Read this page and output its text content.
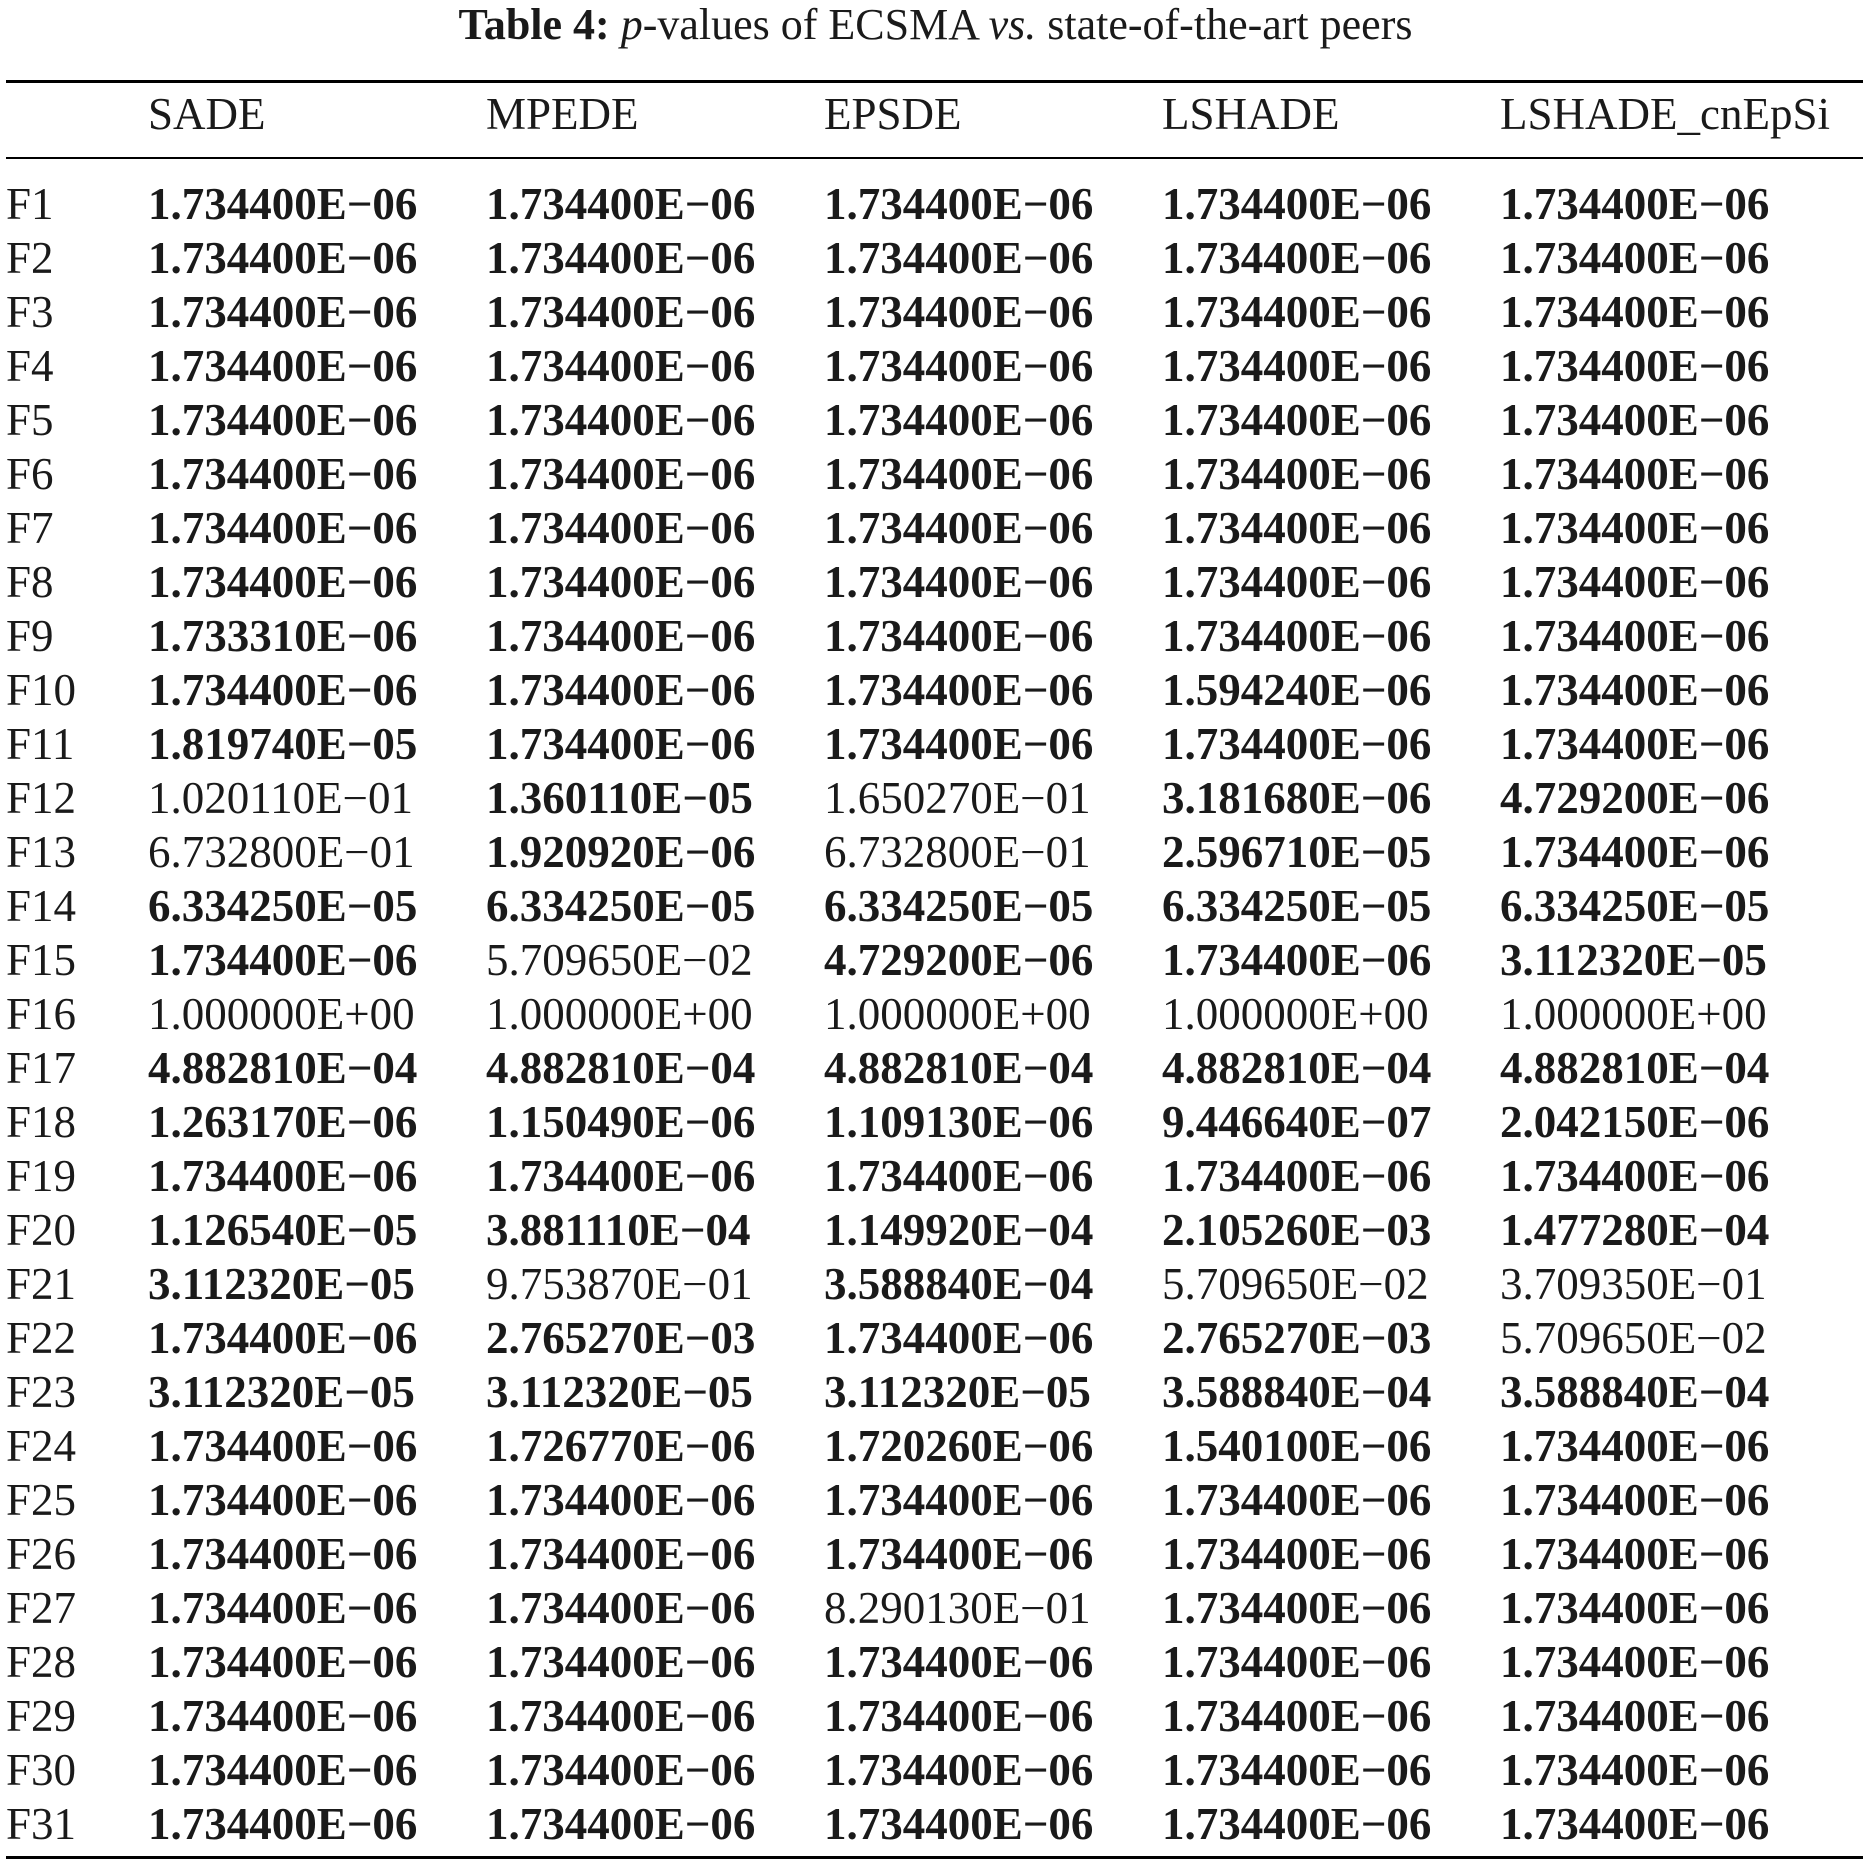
Table 4: p-values of ECSMA vs. state-of-the-art peers
SADE	MPEDE	EPSDE	LSHADE	LSHADE_cnEpSi
F1 1.734400E−06 1.734400E−06 1.734400E−06 1.734400E−06 1.734400E−06
F2 1.734400E−06 1.734400E−06 1.734400E−06 1.734400E−06 1.734400E−06
F3 1.734400E−06 1.734400E−06 1.734400E−06 1.734400E−06 1.734400E−06
F4 1.734400E−06 1.734400E−06 1.734400E−06 1.734400E−06 1.734400E−06
F5 1.734400E−06 1.734400E−06 1.734400E−06 1.734400E−06 1.734400E−06
F6 1.734400E−06 1.734400E−06 1.734400E−06 1.734400E−06 1.734400E−06
F7 1.734400E−06 1.734400E−06 1.734400E−06 1.734400E−06 1.734400E−06
F8 1.734400E−06 1.734400E−06 1.734400E−06 1.734400E−06 1.734400E−06
F9 1.733310E−06 1.734400E−06 1.734400E−06 1.734400E−06 1.734400E−06
F10 1.734400E−06 1.734400E−06 1.734400E−06 1.594240E−06 1.734400E−06
F11 1.819740E−05 1.734400E−06 1.734400E−06 1.734400E−06 1.734400E−06
F12 1.020110E−01 1.360110E−05 1.650270E−01 3.181680E−06 4.729200E−06
F13 6.732800E−01 1.920920E−06 6.732800E−01 2.596710E−05 1.734400E−06
F14 6.334250E−05 6.334250E−05 6.334250E−05 6.334250E−05 6.334250E−05
F15 1.734400E−06 5.709650E−02 4.729200E−06 1.734400E−06 3.112320E−05
F16 1.000000E+00 1.000000E+00 1.000000E+00 1.000000E+00 1.000000E+00
F17 4.882810E−04 4.882810E−04 4.882810E−04 4.882810E−04 4.882810E−04
F18 1.263170E−06 1.150490E−06 1.109130E−06 9.446640E−07 2.042150E−06
F19 1.734400E−06 1.734400E−06 1.734400E−06 1.734400E−06 1.734400E−06
F20 1.126540E−05 3.881110E−04 1.149920E−04 2.105260E−03 1.477280E−04
F21 3.112320E−05 9.753870E−01 3.588840E−04 5.709650E−02 3.709350E−01
F22 1.734400E−06 2.765270E−03 1.734400E−06 2.765270E−03 5.709650E−02
F23 3.112320E−05 3.112320E−05 3.112320E−05 3.588840E−04 3.588840E−04
F24 1.734400E−06 1.726770E−06 1.720260E−06 1.540100E−06 1.734400E−06
F25 1.734400E−06 1.734400E−06 1.734400E−06 1.734400E−06 1.734400E−06
F26 1.734400E−06 1.734400E−06 1.734400E−06 1.734400E−06 1.734400E−06
F27 1.734400E−06 1.734400E−06 8.290130E−01 1.734400E−06 1.734400E−06
F28 1.734400E−06 1.734400E−06 1.734400E−06 1.734400E−06 1.734400E−06
F29 1.734400E−06 1.734400E−06 1.734400E−06 1.734400E−06 1.734400E−06
F30 1.734400E−06 1.734400E−06 1.734400E−06 1.734400E−06 1.734400E−06
F31 1.734400E−06 1.734400E−06 1.734400E−06 1.734400E−06 1.734400E−06
